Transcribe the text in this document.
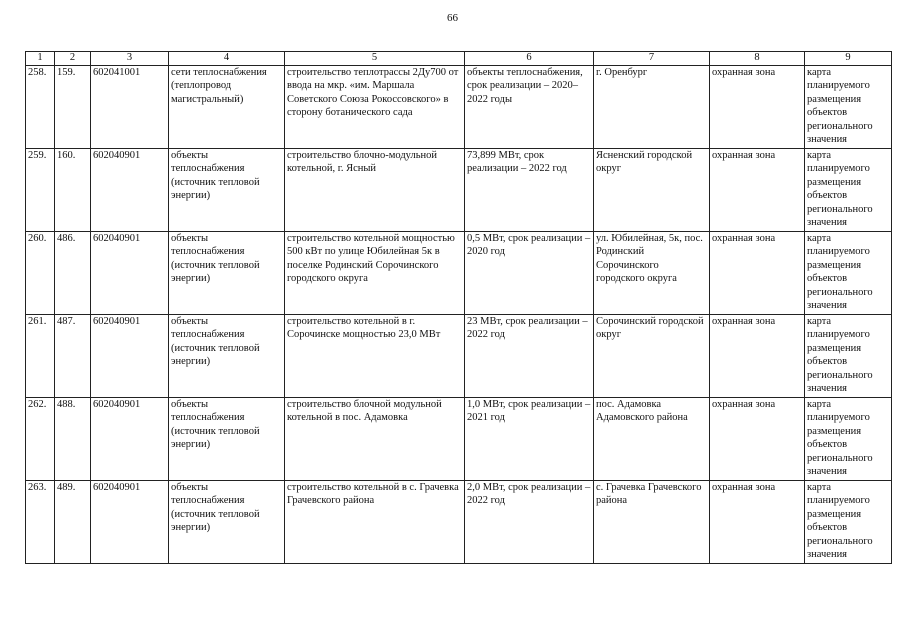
66
1	2	3	4	5	6	7	8	9
258.	159.	602041001	сети теплоснабжения (теплопровод магистральный)	строительство теплотрассы 2Ду700 от ввода на мкр. «им. Маршала Советского Союза Рокоссовского» в сторону ботанического сада	объекты теплоснабжения, срок реализации – 2020–2022 годы	г. Оренбург	охранная зона	карта планируемого размещения объектов регионального значения
259.	160.	602040901	объекты теплоснабжения (источник тепловой энергии)	строительство блочно-модульной котельной, г. Ясный	73,899 МВт, срок реализации – 2022 год	Ясненский городской округ	охранная зона	карта планируемого размещения объектов регионального значения
260.	486.	602040901	объекты теплоснабжения (источник тепловой энергии)	строительство котельной мощностью 500 кВт по улице Юбилейная 5к в поселке Родинский Сорочинского городского округа	0,5 МВт, срок реализации – 2020 год	ул. Юбилейная, 5к, пос. Родинский Сорочинского городского округа	охранная зона	карта планируемого размещения объектов регионального значения
261.	487.	602040901	объекты теплоснабжения (источник тепловой энергии)	строительство котельной в г. Сорочинске мощностью 23,0 МВт	23 МВт, срок реализации – 2022 год	Сорочинский городской округ	охранная зона	карта планируемого размещения объектов регионального значения
262.	488.	602040901	объекты теплоснабжения (источник тепловой энергии)	строительство блочной модульной котельной в пос. Адамовка	1,0 МВт, срок реализации – 2021 год	пос. Адамовка Адамовского района	охранная зона	карта планируемого размещения объектов регионального значения
263.	489.	602040901	объекты теплоснабжения (источник тепловой энергии)	строительство котельной в с. Грачевка Грачевского района	2,0 МВт, срок реализации – 2022 год	с. Грачевка Грачевского района	охранная зона	карта планируемого размещения объектов регионального значения
